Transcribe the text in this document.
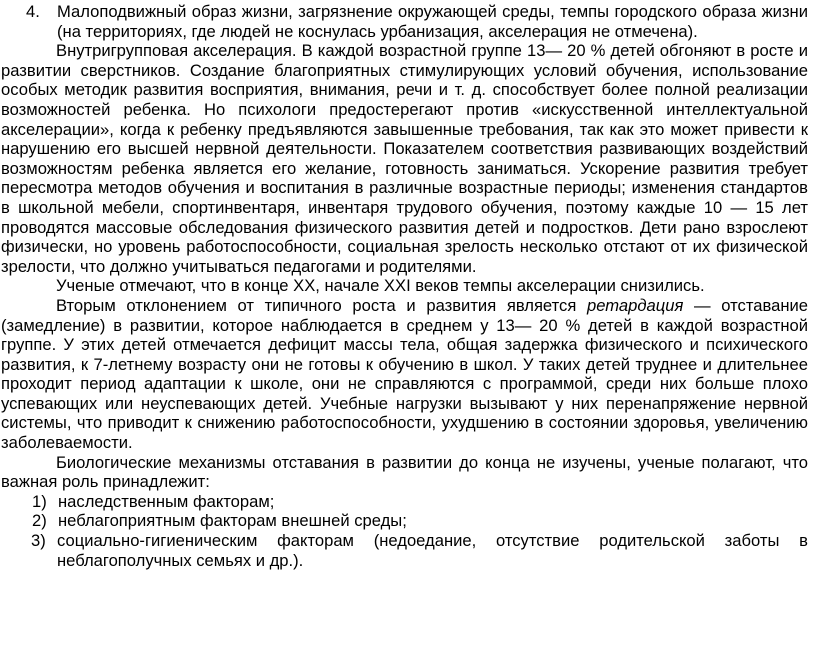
4. Малоподвижный образ жизни, загрязнение окружающей среды, темпы городского образа жизни (на территориях, где людей не коснулась урбанизация, акселерация не отмечена).

Внутригрупповая акселерация. В каждой возрастной группе 13— 20 % детей обгоняют в росте и развитии сверстников. Создание благоприятных стимулирующих условий обучения, использование особых методик развития восприятия, внимания, речи и т. д. способствует более полной реализации возможностей ребенка. Но психологи предостерегают против «искусственной интеллектуальной акселерации», когда к ребенку предъявляются завышенные требования, так как это может привести к нарушению его высшей нервной деятельности. Показателем соответствия развивающих воздействий возможностям ребенка является его желание, готовность заниматься. Ускорение развития требует пересмотра методов обучения и воспитания в различные возрастные периоды; изменения стандартов в школьной мебели, спортинвентаря, инвентаря трудового обучения, поэтому каждые 10 — 15 лет проводятся массовые обследования физического развития детей и подростков. Дети рано взрослеют физически, но уровень работоспособности, социальная зрелость несколько отстают от их физической зрелости, что должно учитываться педагогами и родителями.

Ученые отмечают, что в конце XX, начале XXI веков темпы акселерации снизились.

Вторым отклонением от типичного роста и развития является ретардация — отставание (замедление) в развитии, которое наблюдается в среднем у 13— 20 % детей в каждой возрастной группе. У этих детей отмечается дефицит массы тела, общая задержка физического и психического развития, к 7-летнему возрасту они не готовы к обучению в школ. У таких детей труднее и длительнее проходит период адаптации к школе, они не справляются с программой, среди них больше плохо успевающих или неуспевающих детей. Учебные нагрузки вызывают у них перенапряжение нервной системы, что приводит к снижению работоспособности, ухудшению в состоянии здоровья, увеличению заболеваемости.

Биологические механизмы отставания в развитии до конца не изучены, ученые полагают, что важная роль принадлежит:

1) наследственным факторам;

2) неблагоприятным факторам внешней среды;

3) социально-гигиеническим факторам (недоедание, отсутствие родительской заботы в неблагополучных семьях и др.).
